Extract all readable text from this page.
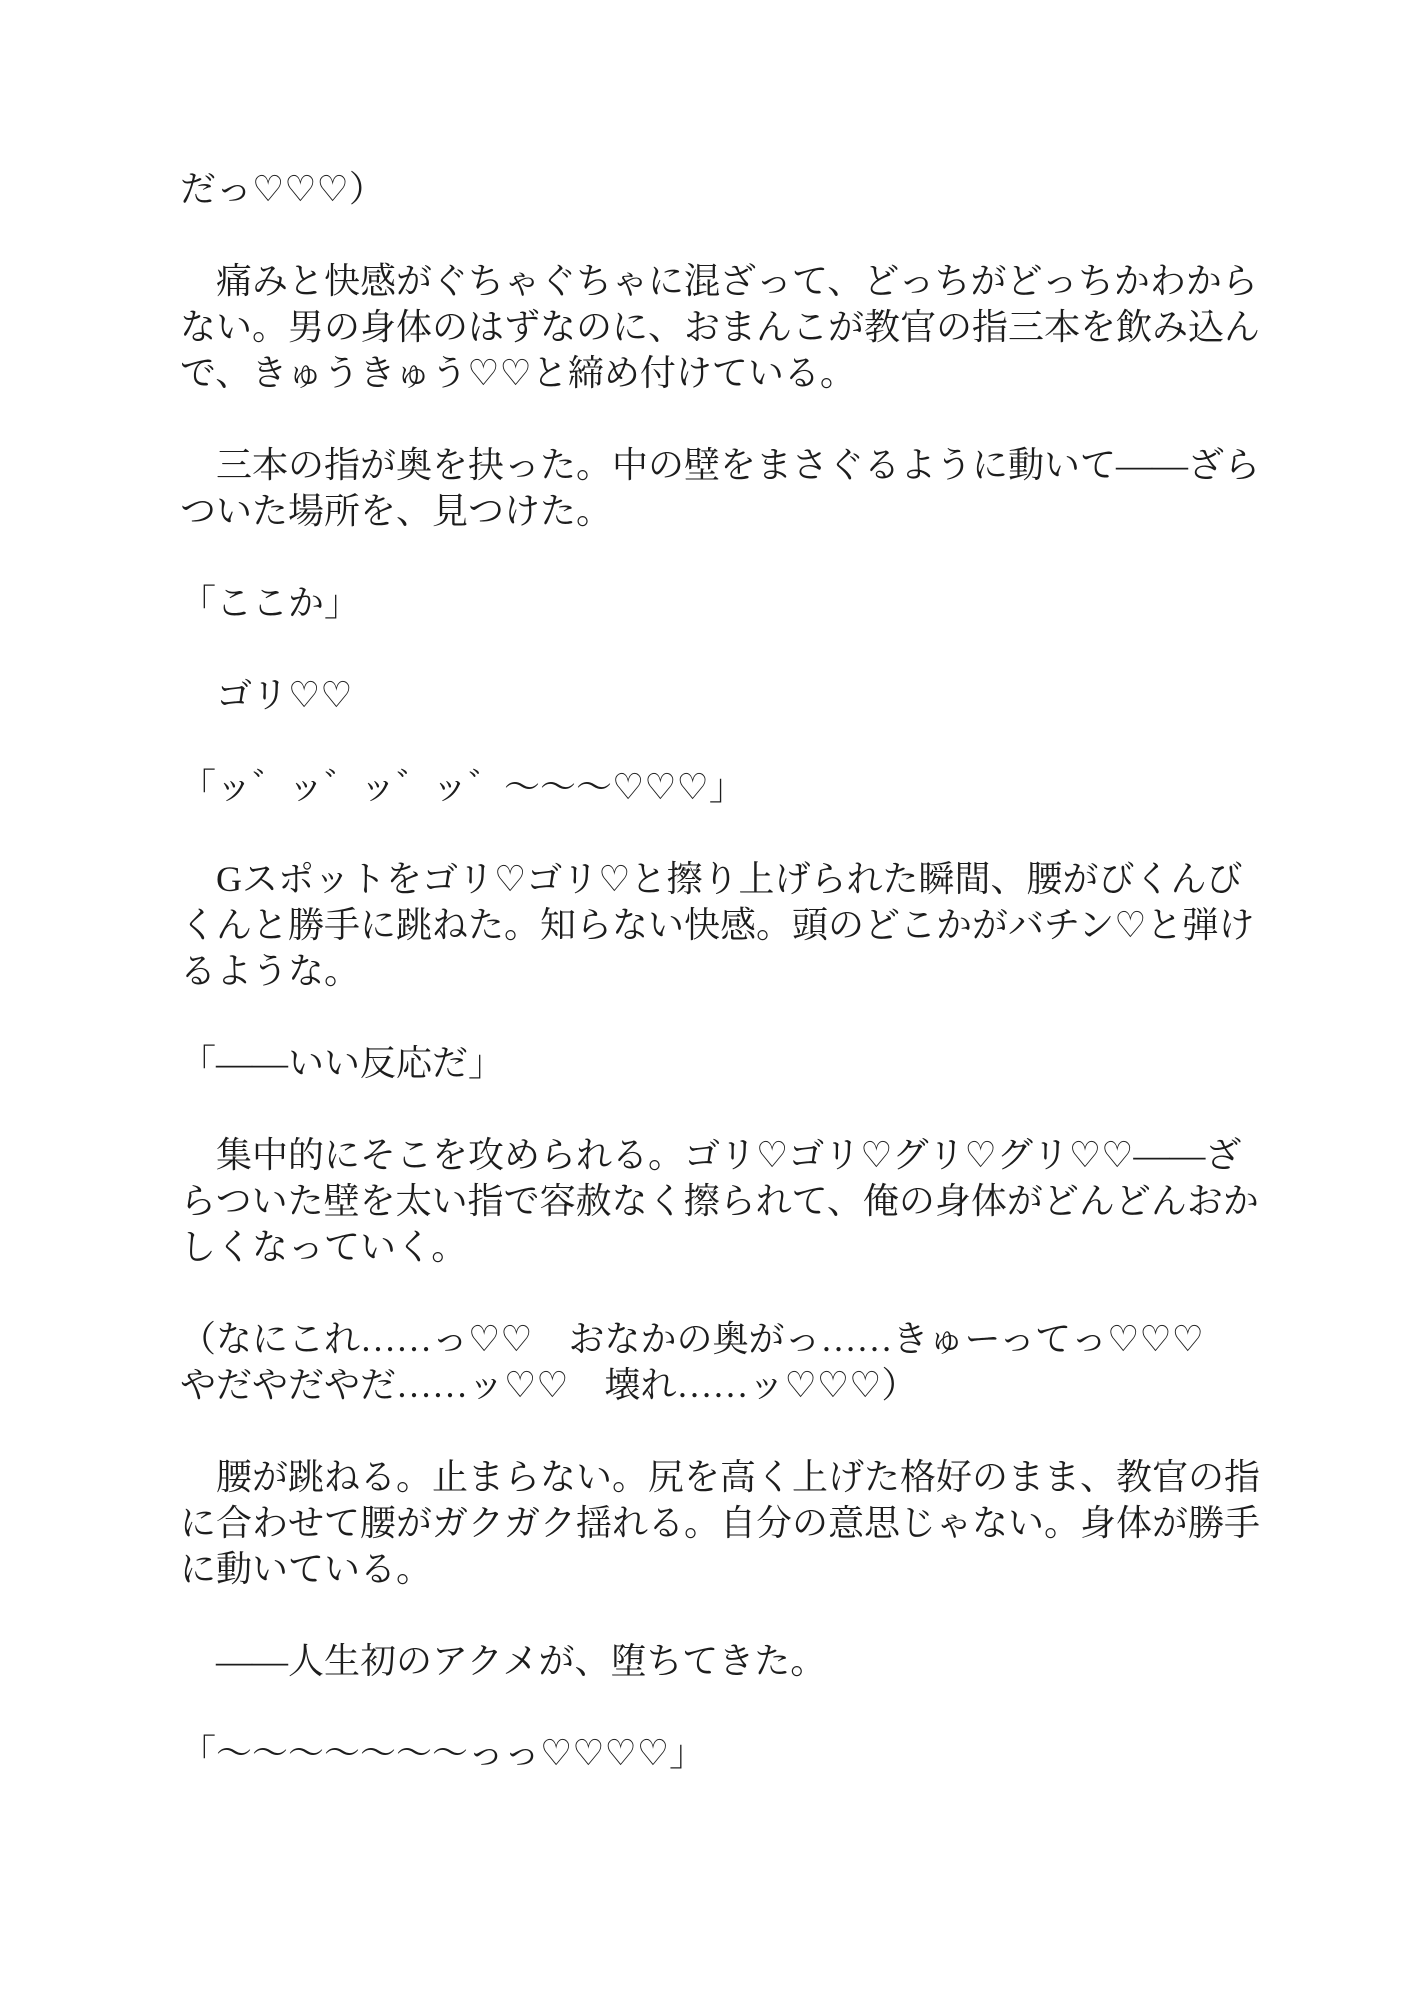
だっ♡♡♡）
痛みと快感がぐちゃぐちゃに混ざって、どっちがどっちかわから
ない。男の身体のはずなのに、おまんこが教官の指三本を飲み込ん
で、きゅうきゅう♡♡と締め付けている。
三本の指が奥を抉った。中の壁をまさぐるように動いて——ざら
ついた場所を、見つけた。
「ここか」
ゴリ♡♡
「ッ゛ッ゛ッ゛ッ゛～～～♡♡♡」
Gスポットをゴリ♡ゴリ♡と擦り上げられた瞬間、腰がびくんび
くんと勝手に跳ねた。知らない快感。頭のどこかがバチン♡と弾け
るような。
「——いい反応だ」
集中的にそこを攻められる。ゴリ♡ゴリ♡グリ♡グリ♡♡——ざ
らついた壁を太い指で容赦なく擦られて、俺の身体がどんどんおか
しくなっていく。
（なにこれ……っ♡♡　おなかの奥がっ……きゅーってっ♡♡♡
やだやだやだ……ッ♡♡　壊れ……ッ♡♡♡）
腰が跳ねる。止まらない。尻を高く上げた格好のまま、教官の指
に合わせて腰がガクガク揺れる。自分の意思じゃない。身体が勝手
に動いている。
——人生初のアクメが、堕ちてきた。
「～～～～～～～っっ♡♡♡♡」
